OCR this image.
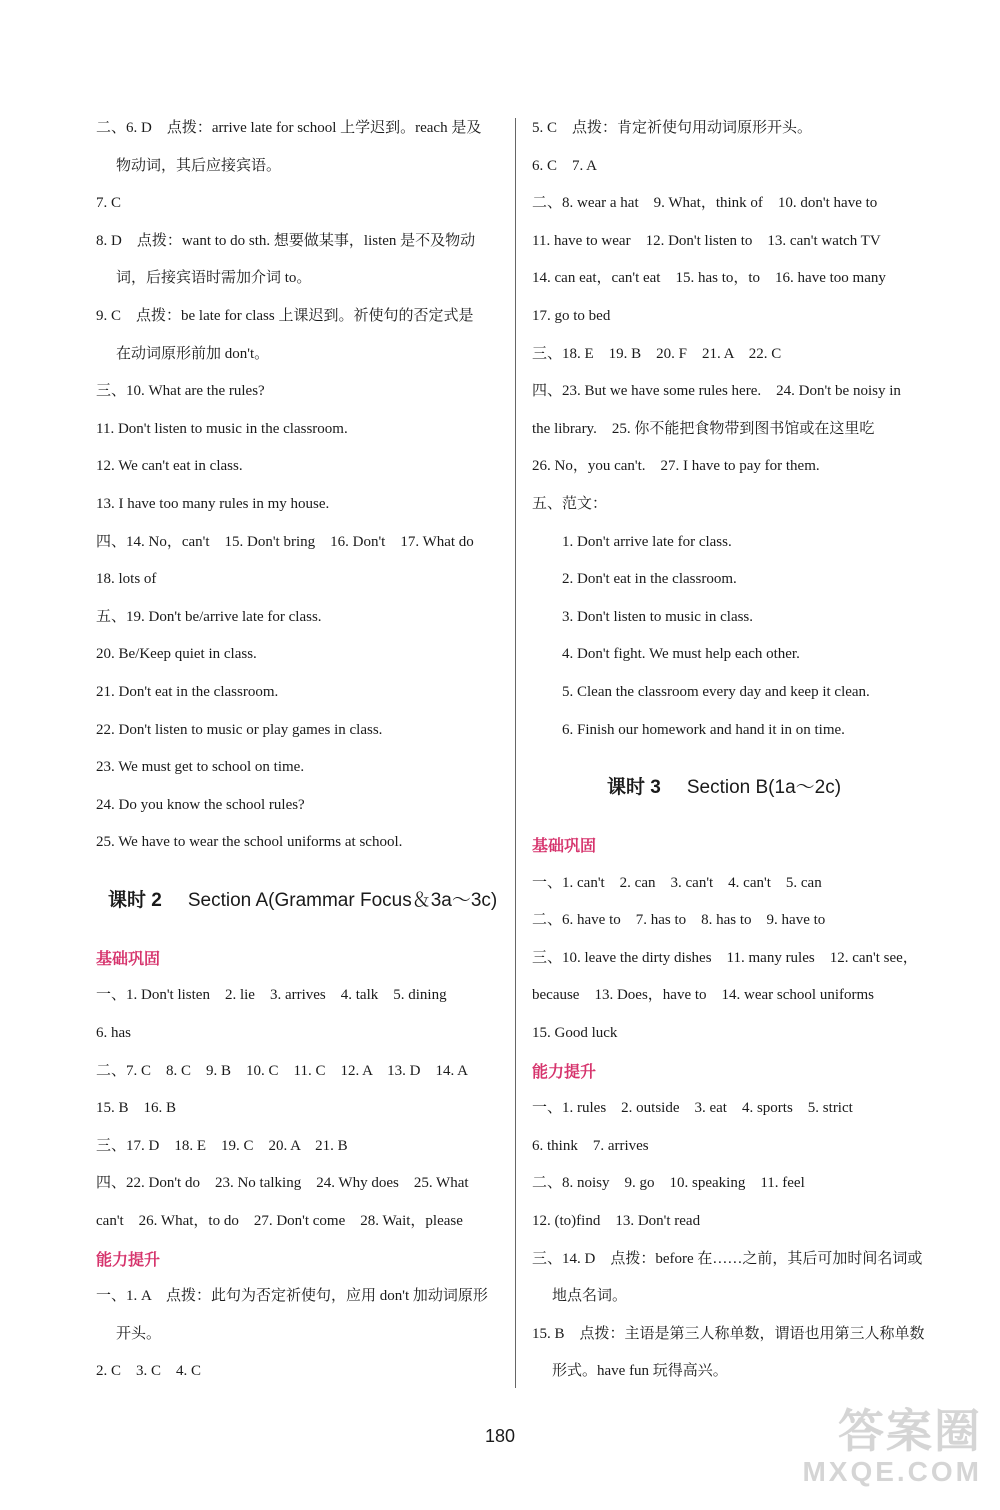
二、6. D　点拨：arrive late for school 上学迟到。reach 是及
物动词，其后应接宾语。
7. C
8. D　点拨：want to do sth. 想要做某事，listen 是不及物动
词，后接宾语时需加介词 to。
9. C　点拨：be late for class 上课迟到。祈使句的否定式是
在动词原形前加 don't。
三、10. What are the rules?
11. Don't listen to music in the classroom.
12. We can't eat in class.
13. I have too many rules in my house.
四、14. No，can't　15. Don't bring　16. Don't　17. What do
18. lots of
五、19. Don't be/arrive late for class.
20. Be/Keep quiet in class.
21. Don't eat in the classroom.
22. Don't listen to music or play games in class.
23. We must get to school on time.
24. Do you know the school rules?
25. We have to wear the school uniforms at school.
课时 2 Section A(Grammar Focus＆3a～3c)
基础巩固
一、1. Don't listen　2. lie　3. arrives　4. talk　5. dining
6. has
二、7. C　8. C　9. B　10. C　11. C　12. A　13. D　14. A
15. B　16. B
三、17. D　18. E　19. C　20. A　21. B
四、22. Don't do　23. No talking　24. Why does　25. What
can't　26. What，to do　27. Don't come　28. Wait，please
能力提升
一、1. A　点拨：此句为否定祈使句，应用 don't 加动词原形
开头。
2. C　3. C　4. C
5. C　点拨：肯定祈使句用动词原形开头。
6. C　7. A
二、8. wear a hat　9. What，think of　10. don't have to
11. have to wear　12. Don't listen to　13. can't watch TV
14. can eat，can't eat　15. has to，to　16. have too many
17. go to bed
三、18. E　19. B　20. F　21. A　22. C
四、23. But we have some rules here.　24. Don't be noisy in
the library.　25. 你不能把食物带到图书馆或在这里吃
26. No，you can't.　27. I have to pay for them.
五、范文：
1. Don't arrive late for class.
2. Don't eat in the classroom.
3. Don't listen to music in class.
4. Don't fight. We must help each other.
5. Clean the classroom every day and keep it clean.
6. Finish our homework and hand it in on time.
课时 3 Section B(1a～2c)
基础巩固
一、1. can't　2. can　3. can't　4. can't　5. can
二、6. have to　7. has to　8. has to　9. have to
三、10. leave the dirty dishes　11. many rules　12. can't see，
because　13. Does，have to　14. wear school uniforms
15. Good luck
能力提升
一、1. rules　2. outside　3. eat　4. sports　5. strict
6. think　7. arrives
二、8. noisy　9. go　10. speaking　11. feel
12. (to)find　13. Don't read
三、14. D　点拨：before 在……之前，其后可加时间名词或
地点名词。
15. B　点拨：主语是第三人称单数，谓语也用第三人称单数
形式。have fun 玩得高兴。
180	答案圈
MXQE.COM
